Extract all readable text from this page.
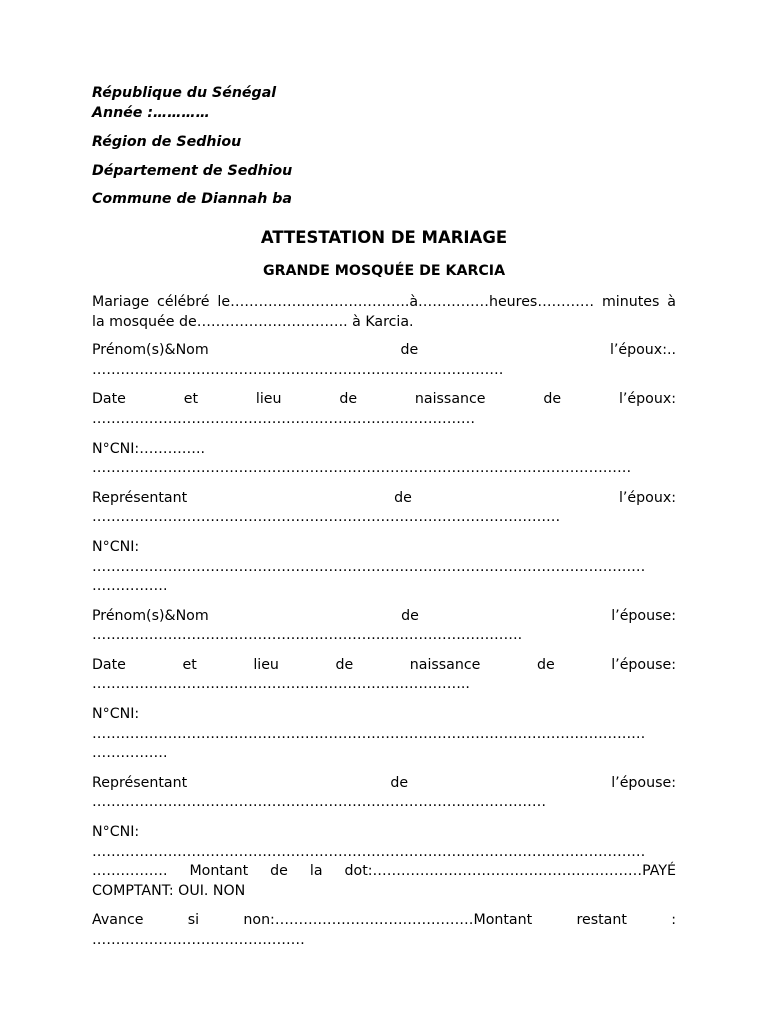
République du Sénégal

Année :…………

Région de Sedhiou

Département de Sedhiou

Commune de Diannah ba

ATTESTATION DE MARIAGE
GRANDE MOSQUÉE DE KARCIA

Mariage célébré le………………………………..à……………heures………… minutes à la mosquée de………………………….. à Karcia.

Prénom(s)&Nom de l’époux:.. ……………………………………………………………………………

Date et lieu de naissance de l’époux: ………………………………………………………………………

N°CNI:………….. ……………………………………………………………………………………………………

Représentant de l’époux: ………………………………………………………………………………………

N°CNI: ……………………………………………………………………………………………………… …………….

Prénom(s)&Nom de l’épouse: ……………………………………………………………………………….

Date et lieu de naissance de l’épouse: ……………………………………………………………………..

N°CNI: ……………………………………………………………………………………………………… …………….

Représentant de l’épouse: ……………………………………………………………………………………

N°CNI: ……………………………………………………………………………………………………… ……………. Montant de la dot:…………………………………………………PAYÉ COMPTANT: OUI. NON

Avance si non:……………………………………Montant restant : ………………………………………
